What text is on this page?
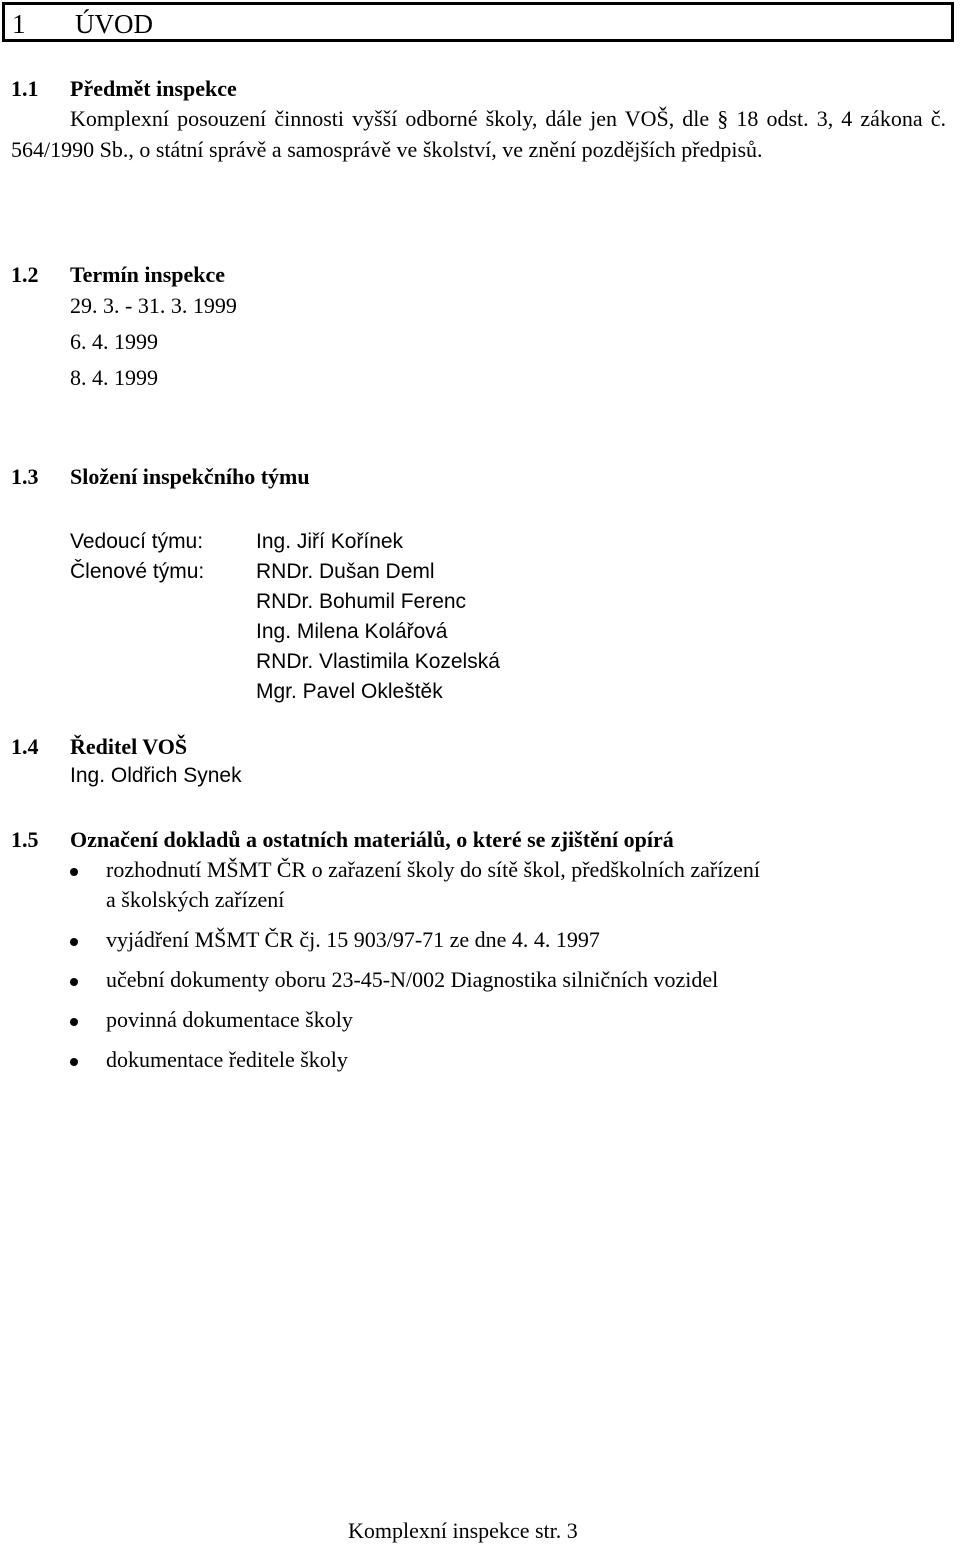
1 ÚVOD
1.1 Předmět inspekce
Komplexní posouzení činnosti vyšší odborné školy, dále jen VOŠ, dle § 18 odst. 3, 4 zákona č. 564/1990 Sb., o státní správě a samosprávě ve školství, ve znění pozdějších předpisů.
1.2 Termín inspekce
29. 3. - 31. 3. 1999
6. 4. 1999
8. 4. 1999
1.3 Složení inspekčního týmu
Vedoucí týmu:
Členové týmu:
Ing. Jiří Kořínek
RNDr. Dušan Deml
RNDr. Bohumil Ferenc
Ing. Milena Kolářová
RNDr. Vlastimila Kozelská
Mgr. Pavel Okleštěk
1.4 Ředitel VOŠ
Ing. Oldřich Synek
1.5 Označení dokladů a ostatních materiálů, o které se zjištění opírá
rozhodnutí MŠMT ČR o zařazení školy do sítě škol, předškolních zařízení
a školských zařízení
vyjádření MŠMT ČR čj. 15 903/97-71 ze dne 4. 4. 1997
učební dokumenty oboru 23-45-N/002 Diagnostika silničních vozidel
povinná dokumentace školy
dokumentace ředitele školy
Komplexní inspekce str. 3
